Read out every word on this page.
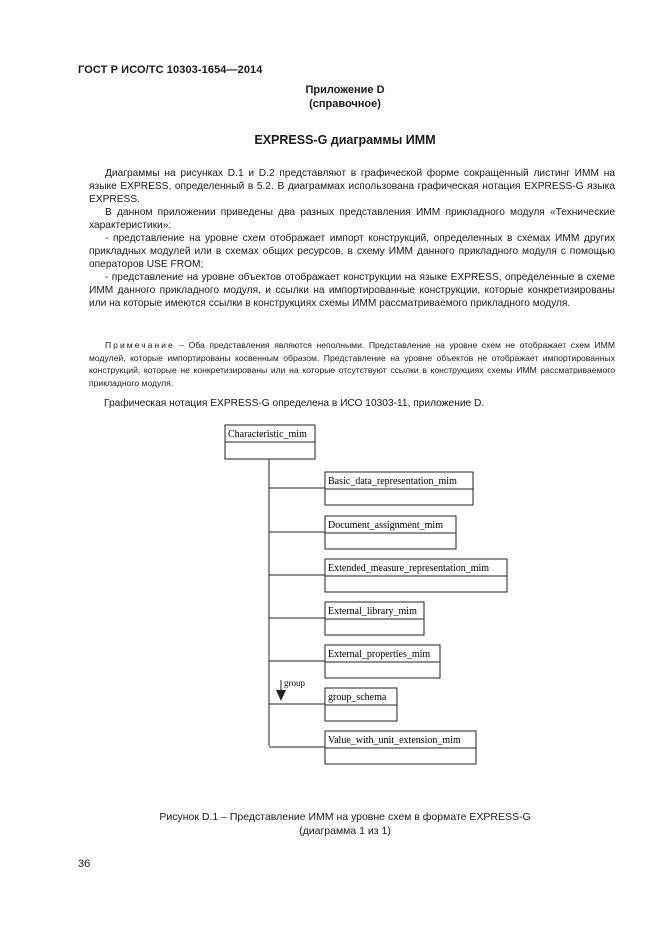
ГОСТ Р ИСО/ТС 10303-1654—2014
Приложение D
(справочное)
EXPRESS-G диаграммы ИММ

Диаграммы на рисунках D.1 и D.2 представляют в графической форме сокращенный листинг ИММ на языке EXPRESS, определенный в 5.2. В диаграммах использована графическая нотация EXPRESS-G языка EXPRESS.

В данном приложении приведены два разных представления ИММ прикладного модуля «Технические характеристики»:

- представление на уровне схем отображает импорт конструкций, определенных в схемах ИММ других прикладных модулей или в схемах общих ресурсов, в схему ИММ данного прикладного модуля с помощью операторов USE FROM;

- представление на уровне объектов отображает конструкции на языке EXPRESS, определенные в схеме ИММ данного прикладного модуля, и ссылки на импортированные конструкции, которые конкретизированы или на которые имеются ссылки в конструкциях схемы ИММ рассматриваемого прикладного модуля.

Примечание – Оба представления являются неполными. Представление на уровне схем не отображает схем ИММ модулей, которые импортированы косвенным образом. Представление на уровне объектов не отображает импортированных конструкций, которые не конкретизированы или на которые отсутствуют ссылки в конструкциях схемы ИММ рассматриваемого прикладного модуля.

Графическая нотация EXPRESS-G определена в ИСО 10303-11, приложение D.
Characteristic_mim
Basic_data_representation_mim
Document_assignment_mim
Extended_measure_representation_mim
External_library_mim
External_properties_mim
group_schema
Value_with_unit_extension_mim
group
Рисунок D.1 – Представление ИММ на уровне схем в формате EXPRESS-G
(диаграмма 1 из 1)
36
